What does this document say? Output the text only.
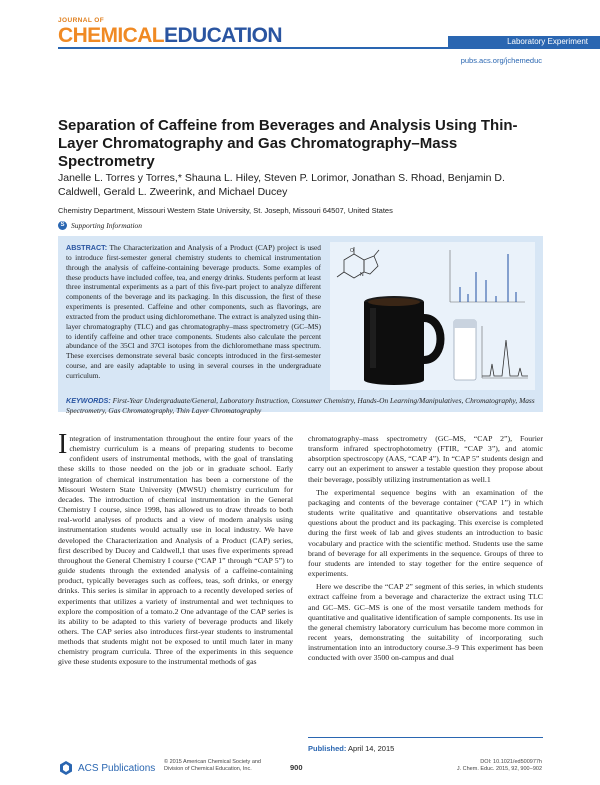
JOURNAL OF
CHEMICALEDUCATION	Laboratory Experiment
pubs.acs.org/jchemeduc
Separation of Caffeine from Beverages and Analysis Using Thin-Layer Chromatography and Gas Chromatography–Mass Spectrometry
Janelle L. Torres y Torres,* Shauna L. Hiley, Steven P. Lorimor, Jonathan S. Rhoad, Benjamin D. Caldwell, Gerald L. Zweerink, and Michael Ducey
Chemistry Department, Missouri Western State University, St. Joseph, Missouri 64507, United States
S Supporting Information
ABSTRACT: The Characterization and Analysis of a Product (CAP) project is used to introduce first-semester general chemistry students to chemical instrumentation through the analysis of caffeine-containing beverage products. Some examples of these products have included coffee, tea, and energy drinks. Students perform at least three instrumental experiments as a part of this five-part project to analyze different components of the beverage and its packaging. In this discussion, the first of these experiments is presented. Caffeine and other components, such as flavorings, are extracted from the product using dichloromethane. The extract is analyzed using thin-layer chromatography (TLC) and gas chromatography–mass spectrometry (GC–MS) to identify caffeine and other trace components. Students also calculate the percent abundance of the 35Cl and 37Cl isotopes from the dichloromethane mass spectrum. These exercises demonstrate several basic concepts introduced in the first-semester course, and are easily adaptable to using in several courses in the undergraduate curriculum.
O
N
KEYWORDS: First-Year Undergraduate/General, Laboratory Instruction, Consumer Chemistry, Hands-On Learning/Manipulatives, Chromatography, Mass Spectrometry, Gas Chromatography, Thin Layer Chromatography

Integration of instrumentation throughout the entire four years of the chemistry curriculum is a means of preparing students to become confident users of instrumental methods, with the goal of translating these skills to those needed on the job or in graduate school. Early integration of chemical instrumentation has been a cornerstone of the Missouri Western State University (MWSU) chemistry curriculum for decades. The introduction of chemical instrumentation in the General Chemistry I course, since 1998, has allowed us to draw threads to both real-world analyses of products and a view of modern analysis using instrumentation students would actually use in local industry. We have developed the Characterization and Analysis of a Product (CAP) series, first described by Ducey and Caldwell,1 that uses five experiments spread throughout the General Chemistry I course (“CAP 1” through “CAP 5”) to guide students through the extended analysis of a caffeine-containing product, typically beverages such as coffees, teas, soft drinks, or energy drinks. This series is similar in approach to a recently developed series of experiments that utilizes a variety of instrumental and wet techniques to explore the composition of a tomato.2 One advantage of the CAP series is its ability to be adapted to this variety of beverage products and likely others. The CAP series also introduces first-year students to instrumental methods that students might not be exposed to until much later in many chemistry program curricula. Three of the experiments in this sequence give these students exposure to the instrumental methods of gas

chromatography–mass spectrometry (GC–MS, “CAP 2”), Fourier transform infrared spectrophotometry (FTIR, “CAP 3”), and atomic absorption spectroscopy (AAS, “CAP 4”). In “CAP 5” students design and carry out an experiment to answer a testable question they propose about their beverage, possibly utilizing instrumentation as well.1

The experimental sequence begins with an examination of the packaging and contents of the beverage container (“CAP 1”) in which students write qualitative and quantitative observations and testable questions about the product and its packaging. This exercise is completed during the first week of lab and gives students an introduction to basic vocabulary and practice with the scientific method. Students use the same brand of beverage for all experiments in the sequence. Groups of three to four students are intended to stay together for the entire sequence of experiments.

Here we describe the “CAP 2” segment of this series, in which students extract caffeine from a beverage and characterize the extract using TLC and GC–MS. GC–MS is one of the most versatile tandem methods for quantitative and qualitative identification of sample components. Its use in the general chemistry laboratory curriculum has become more common in recent years, demonstrating the suitability of incorporating such instrumentation into an introductory course.3–9 This experiment has been conducted with over 3500 on-campus and dual

Published: April 14, 2015
ACS Publications
© 2015 American Chemical Society and
Division of Chemical Education, Inc.	900
DOI: 10.1021/ed500977h
J. Chem. Educ. 2015, 92, 900−902
